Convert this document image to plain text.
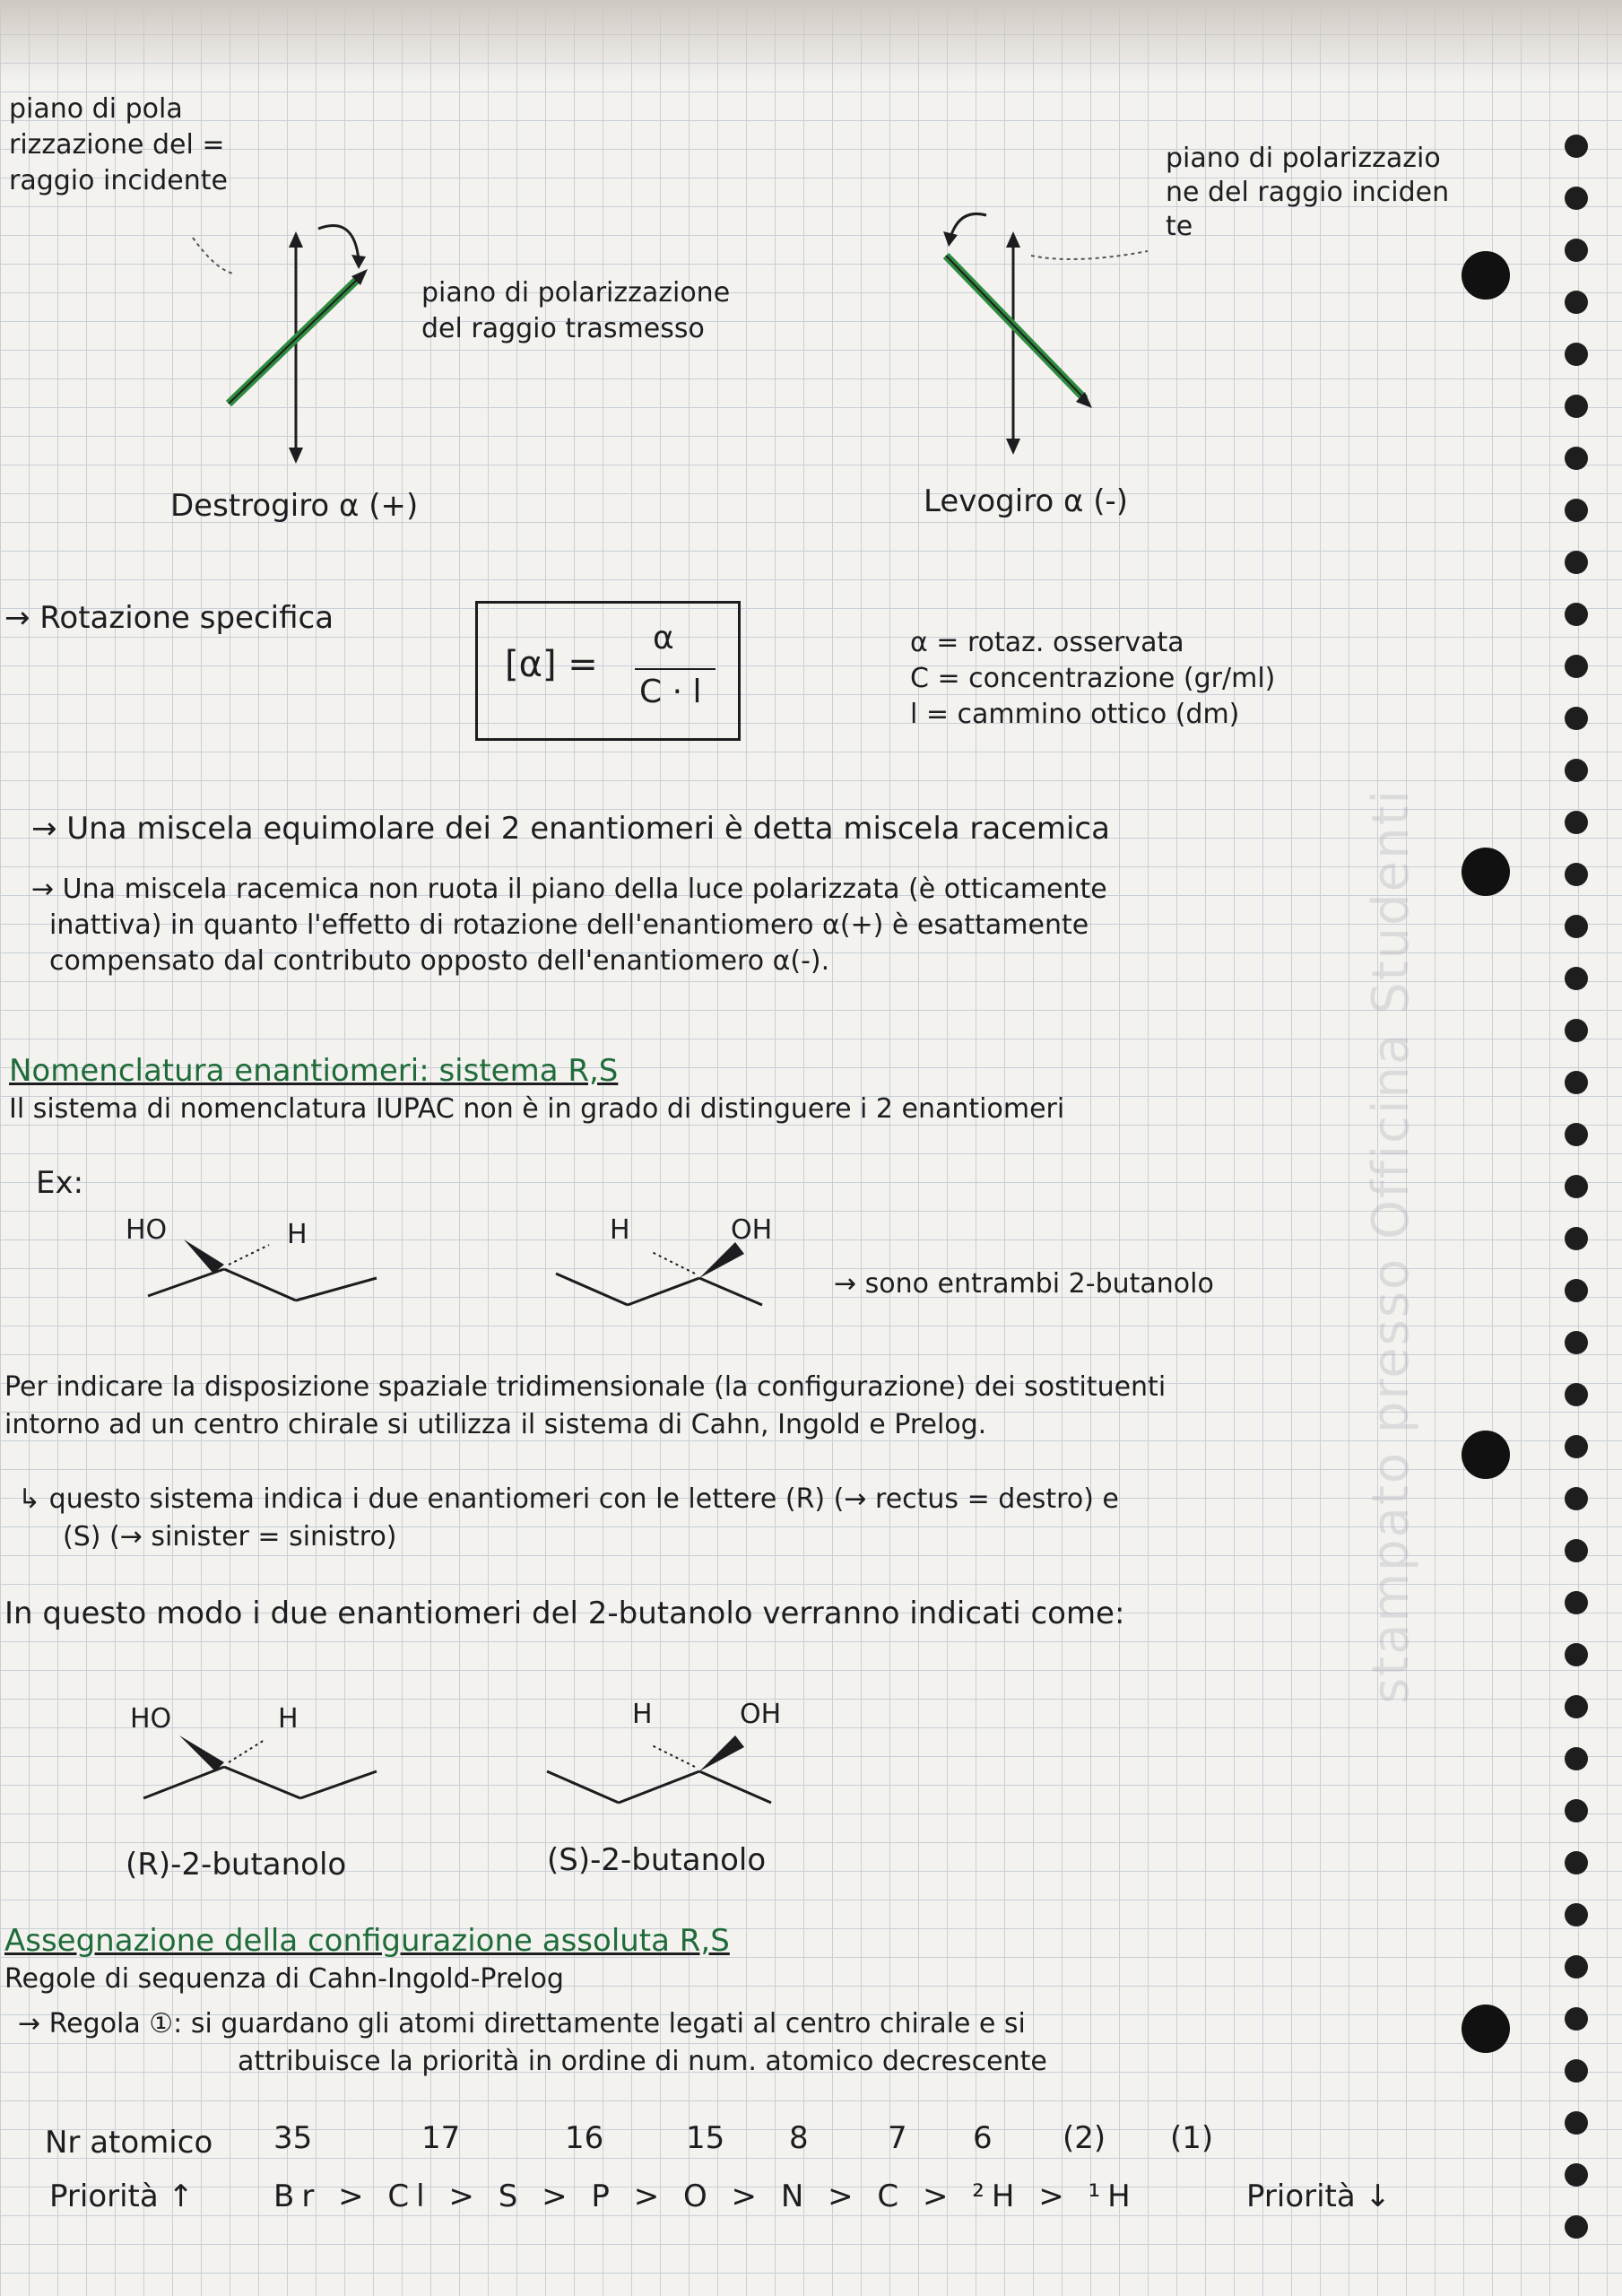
piano di pola
rizzazione del =
raggio incidente
piano di polarizzazione
del raggio trasmesso
piano di polarizzazio
ne del raggio inciden
te
Destrogiro α (+)	Levogiro α (-)
→ Rotazione specifica
[α] =
α
C · l
α = rotaz. osservata
C = concentrazione (gr/ml)
l = cammino ottico (dm)
→ Una miscela equimolare dei 2 enantiomeri è detta miscela racemica
→ Una miscela racemica non ruota il piano della luce polarizzata (è otticamente
inattiva) in quanto l'effetto di rotazione dell'enantiomero α(+) è esattamente
compensato dal contributo opposto dell'enantiomero α(-).
Nomenclatura enantiomeri: sistema R,S
Il sistema di nomenclatura IUPAC non è in grado di distinguere i 2 enantiomeri
Ex:
HO	H	H	OH
→ sono entrambi 2-butanolo
Per indicare la disposizione spaziale tridimensionale (la configurazione) dei sostituenti
intorno ad un centro chirale si utilizza il sistema di Cahn, Ingold e Prelog.
↳ questo sistema indica i due enantiomeri con le lettere (R) (→ rectus = destro) e
(S) (→ sinister = sinistro)
In questo modo i due enantiomeri del 2-butanolo verranno indicati come:
HO	H	H	OH
(R)-2-butanolo	(S)-2-butanolo
Assegnazione della configurazione assoluta R,S
Regole di sequenza di Cahn-Ingold-Prelog
→ Regola ①: si guardano gli atomi direttamente legati al centro chirale e si
attribuisce la priorità in ordine di num. atomico decrescente
Nr atomico 35	17	16	15 8	7 6 (2) (1)
Priorità ↑	Br > Cl > S > P > O > N > C > ²H > ¹H	Priorità ↓
stampato presso Officina Studenti
